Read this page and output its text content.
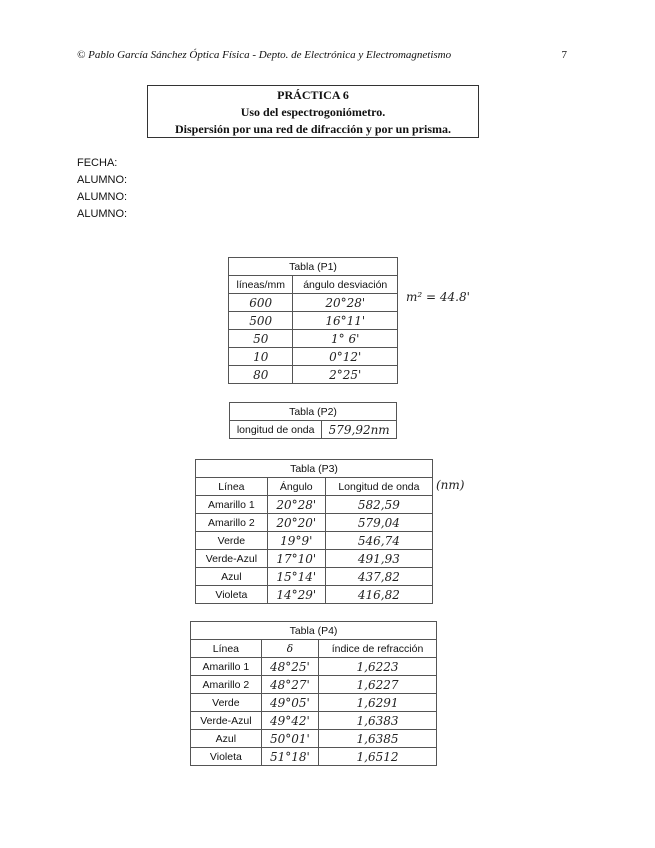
© Pablo García Sánchez Óptica Física - Depto. de Electrónica y Electromagnetismo	7
PRÁCTICA 6
Uso del espectrogoniómetro.
Dispersión por una red de difracción y por un prisma.
FECHA:
ALUMNO:
ALUMNO:
ALUMNO:
Tabla (P1)	
líneas/mm	ángulo desviación
600	20°28'
500	16°11'
50	1° 6'
10	0°12'
80	2°25'
m² = 44.8'
Tabla (P2)
longitud de onda	579,92nm
Tabla (P3)		
Línea	Ángulo	Longitud de onda
Amarillo 1	20°28'	582,59
Amarillo 2	20°20'	579,04
Verde	19°9'	546,74
Verde-Azul	17°10'	491,93
Azul	15°14'	437,82
Violeta	14°29'	416,82
(nm)
Tabla (P4)		
Línea	δ	índice de refracción
Amarillo 1	48°25'	1,6223
Amarillo 2	48°27'	1,6227
Verde	49°05'	1,6291
Verde-Azul	49°42'	1,6383
Azul	50°01'	1,6385
Violeta	51°18'	1,6512
